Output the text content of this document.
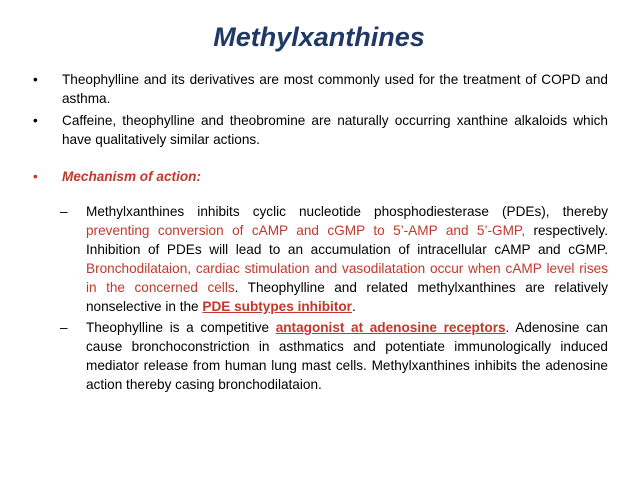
Methylxanthines
• Theophylline and its derivatives are most commonly used for the treatment of COPD and asthma.
• Caffeine, theophylline and theobromine are naturally occurring xanthine alkaloids which have qualitatively similar actions.
• Mechanism of action:
– Methylxanthines inhibits cyclic nucleotide phosphodiesterase (PDEs), thereby preventing conversion of cAMP and cGMP to 5’-AMP and 5’-GMP, respectively. Inhibition of PDEs will lead to an accumulation of intracellular cAMP and cGMP. Bronchodilataion, cardiac stimulation and vasodilatation occur when cAMP level rises in the concerned cells. Theophylline and related methylxanthines are relatively nonselective in the PDE subtypes inhibitor.
– Theophylline is a competitive antagonist at adenosine receptors. Adenosine can cause bronchoconstriction in asthmatics and potentiate immunologically induced mediator release from human lung mast cells. Methylxanthines inhibits the adenosine action thereby casing bronchodilataion.
